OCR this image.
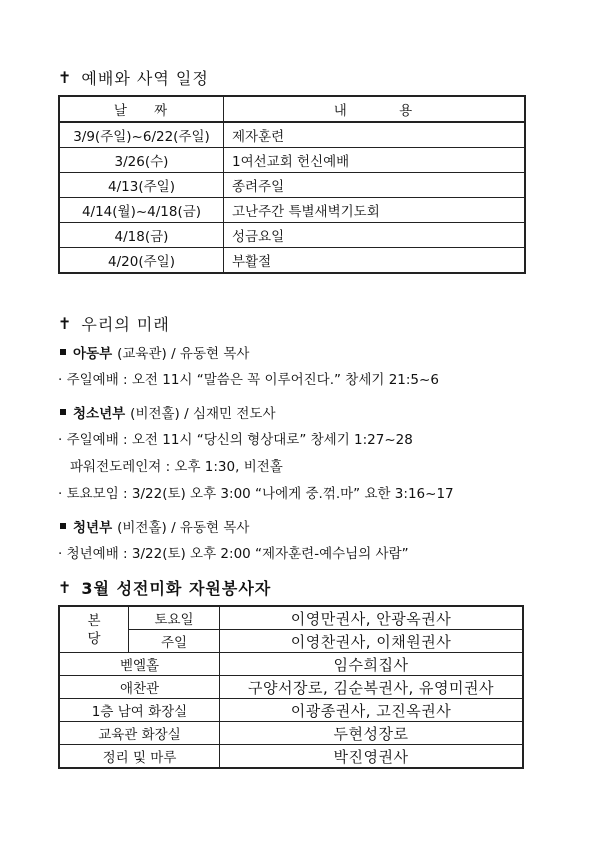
✝ 예배와 사역 일정
날    짜	내        용
3/9(주일)~6/22(주일)	제자훈련
3/26(수)	1여선교회 헌신예배
4/13(주일)	종려주일
4/14(월)~4/18(금)	고난주간 특별새벽기도회
4/18(금)	성금요일
4/20(주일)	부활절
✝ 우리의 미래
아동부 (교육관) / 유동현 목사
· 주일예배 : 오전 11시 “말씀은 꼭 이루어진다.” 창세기 21:5~6
청소년부 (비전홀) / 심재민 전도사
· 주일예배 : 오전 11시 “당신의 형상대로” 창세기 1:27~28
파워전도레인져 : 오후 1:30, 비전홀
· 토요모임 : 3/22(토) 오후 3:00 “나에게 중.꺾.마” 요한 3:16~17
청년부 (비전홀) / 유동현 목사
· 청년예배 : 3/22(토) 오후 2:00 “제자훈련-예수님의 사람”
✝ 3월 성전미화 자원봉사자
본
당	토요일	이영만권사, 안광옥권사
	주일	이영찬권사, 이채원권사
벧엘홀		임수희집사
애찬관		구양서장로, 김순복권사, 유영미권사
1층 남여 화장실		이광종권사, 고진옥권사
교육관 화장실		두현성장로
정리 및 마루		박진영권사
